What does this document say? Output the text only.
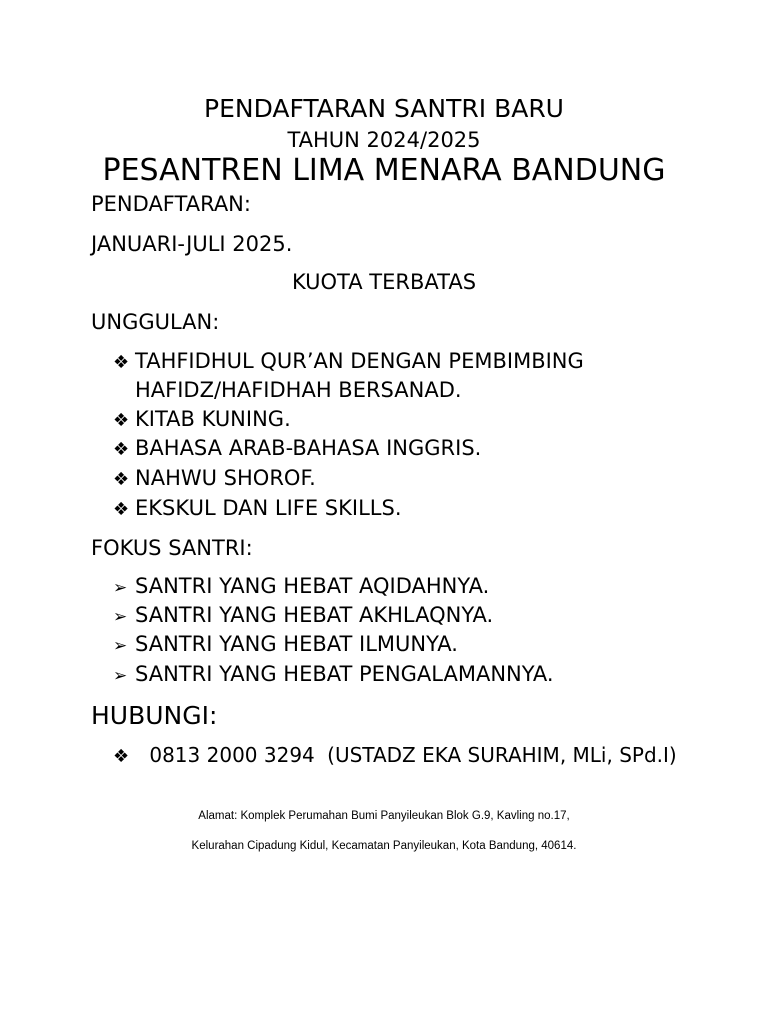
PENDAFTARAN SANTRI BARU
TAHUN 2024/2025
PESANTREN LIMA MENARA BANDUNG
PENDAFTARAN:
JANUARI-JULI 2025.
KUOTA TERBATAS
UNGGULAN:
❖ TAHFIDHUL QUR’AN DENGAN PEMBIMBING
HAFIDZ/HAFIDHAH BERSANAD.
❖ KITAB KUNING.
❖ BAHASA ARAB-BAHASA INGGRIS.
❖ NAHWU SHOROF.
❖ EKSKUL DAN LIFE SKILLS.
FOKUS SANTRI:
➢ SANTRI YANG HEBAT AQIDAHNYA.
➢ SANTRI YANG HEBAT AKHLAQNYA.
➢ SANTRI YANG HEBAT ILMUNYA.
➢ SANTRI YANG HEBAT PENGALAMANNYA.
HUBUNGI:
❖ 0813 2000 3294 (USTADZ EKA SURAHIM, MLi, SPd.I)
Alamat: Komplek Perumahan Bumi Panyileukan Blok G.9, Kavling no.17,
Kelurahan Cipadung Kidul, Kecamatan Panyileukan, Kota Bandung, 40614.
